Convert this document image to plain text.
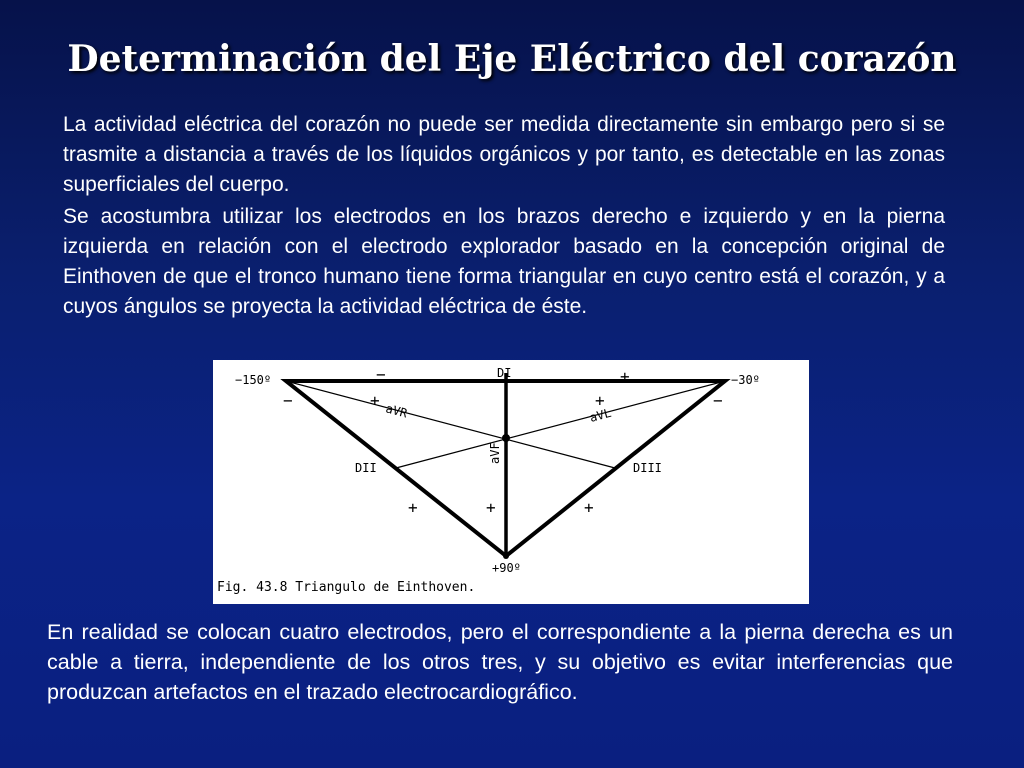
Determinación del Eje Eléctrico del corazón

La actividad eléctrica del corazón no puede ser medida directamente sin embargo pero si se trasmite a distancia a través de los líquidos orgánicos y por tanto, es detectable en las zonas superficiales del cuerpo.

Se acostumbra utilizar los electrodos en los brazos derecho e izquierdo y en la pierna izquierda en relación con el electrodo explorador basado en la concepción original de Einthoven de que el tronco humano tiene forma triangular en cuyo centro está el corazón, y a cuyos ángulos se proyecta la actividad eléctrica de éste.

−150º	−30º
+90º
DI
DII	DIII
aVR	aVL
aVF
−	+
−	+	+	−
+	+	+
Fig. 43.8 Triangulo de Einthoven.

En realidad se colocan cuatro electrodos, pero el correspondiente a la pierna derecha es un cable a tierra, independiente de los otros tres, y su objetivo es evitar interferencias que produzcan artefactos en el trazado electrocardiográfico.
